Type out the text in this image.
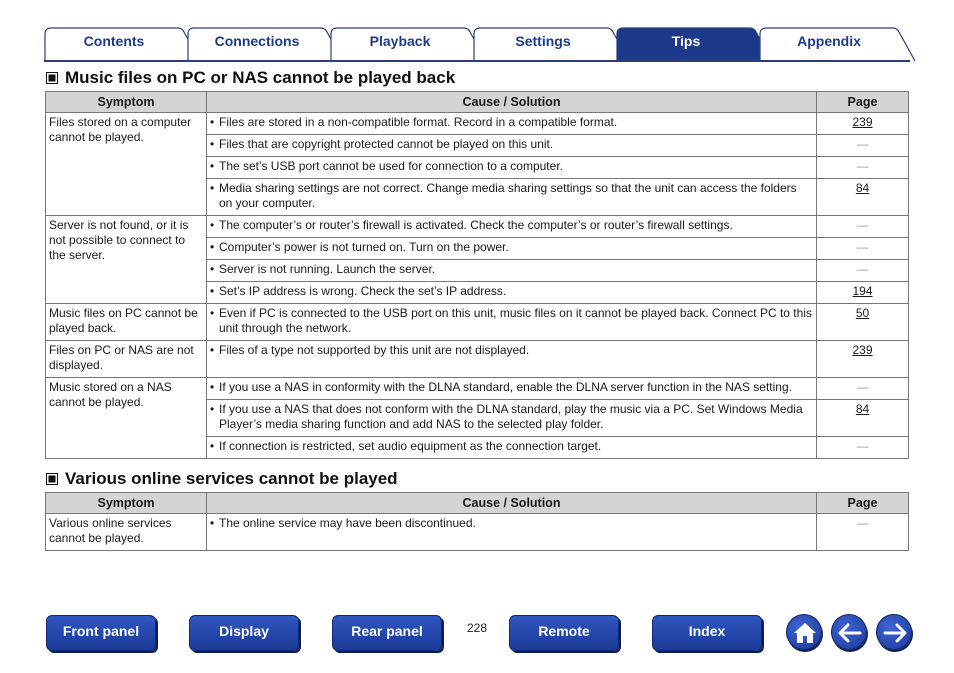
Contents	Connections	Playback	Settings	Tips	Appendix
Music files on PC or NAS cannot be played back
Symptom	Cause / Solution	Page
Files stored on a computer cannot be played.	• Files are stored in a non-compatible format. Record in a compatible format.	239

	• Files that are copyright protected cannot be played on this unit.	—

	• The set’s USB port cannot be used for connection to a computer.	—

	• Media sharing settings are not correct. Change media sharing settings so that the unit can access the folders on your computer.	84
Server is not found, or it is not possible to connect to the server.	• The computer’s or router’s firewall is activated. Check the computer’s or router’s firewall settings.	—

	• Computer’s power is not turned on. Turn on the power.	—

	• Server is not running. Launch the server.	—

	• Set’s IP address is wrong. Check the set’s IP address.	194
Music files on PC cannot be played back.	• Even if PC is connected to the USB port on this unit, music files on it cannot be played back. Connect PC to this unit through the network.	50
Files on PC or NAS are not displayed.	• Files of a type not supported by this unit are not displayed.	239
Music stored on a NAS cannot be played.	• If you use a NAS in conformity with the DLNA standard, enable the DLNA server function in the NAS setting.	—

	• If you use a NAS that does not conform with the DLNA standard, play the music via a PC. Set Windows Media Player’s media sharing function and add NAS to the selected play folder.	84

	• If connection is restricted, set audio equipment as the connection target.	—
Various online services cannot be played
Symptom	Cause / Solution	Page
Various online services cannot be played.	• The online service may have been discontinued.	—
Front panel	Display	Rear panel	228	Remote	Index
